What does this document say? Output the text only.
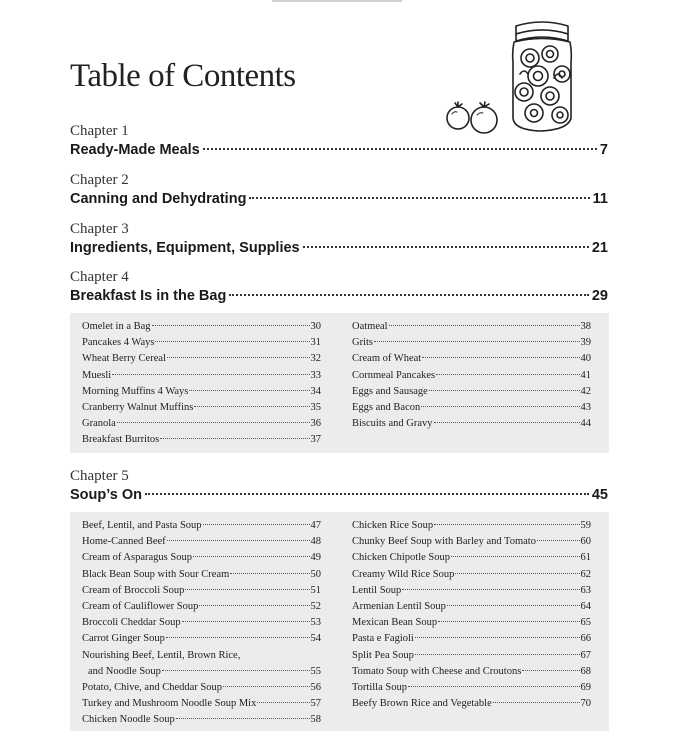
Table of Contents
Chapter 1
Ready-Made Meals	7
Chapter 2
Canning and Dehydrating	11
Chapter 3
Ingredients, Equipment, Supplies	21
Chapter 4
Breakfast Is in the Bag	29
Omelet in a Bag	30
Pancakes 4 Ways	31
Wheat Berry Cereal	32
Muesli	33
Morning Muffins 4 Ways	34
Cranberry Walnut Muffins	35
Granola	36
Breakfast Burritos	37
Oatmeal	38
Grits	39
Cream of Wheat	40
Cornmeal Pancakes	41
Eggs and Sausage	42
Eggs and Bacon	43
Biscuits and Gravy	44
Chapter 5
Soup’s On	45
Beef, Lentil, and Pasta Soup	47
Home-Canned Beef	48
Cream of Asparagus Soup	49
Black Bean Soup with Sour Cream	50
Cream of Broccoli Soup	51
Cream of Cauliflower Soup	52
Broccoli Cheddar Soup	53
Carrot Ginger Soup	54
Nourishing Beef, Lentil, Brown Rice,
and Noodle Soup	55
Potato, Chive, and Cheddar Soup	56
Turkey and Mushroom Noodle Soup Mix	57
Chicken Noodle Soup	58
Chicken Rice Soup	59
Chunky Beef Soup with Barley and Tomato	60
Chicken Chipotle Soup	61
Creamy Wild Rice Soup	62
Lentil Soup	63
Armenian Lentil Soup	64
Mexican Bean Soup	65
Pasta e Fagioli	66
Split Pea Soup	67
Tomato Soup with Cheese and Croutons	68
Tortilla Soup	69
Beefy Brown Rice and Vegetable	70
